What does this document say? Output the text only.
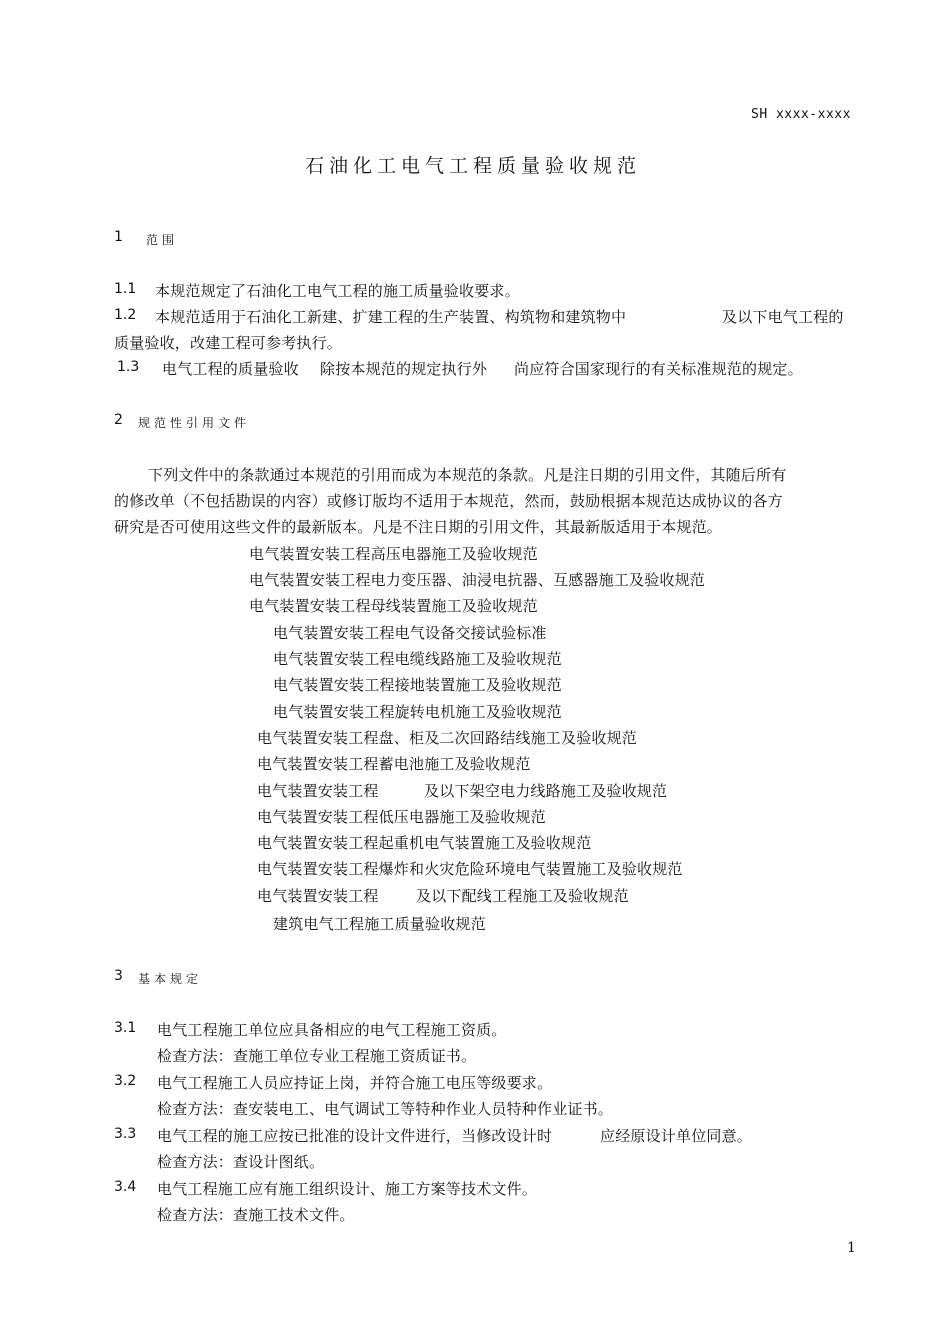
SH xxxx-xxxx
石油化工电气工程质量验收规范
1 范围
1.1 本规范规定了石油化工电气工程的施工质量验收要求。
1.2 本规范适用于石油化工新建、扩建工程的生产装置、构筑物和建筑物中	及以下电气工程的
质量验收，改建工程可参考执行。
1.3 电气工程的质量验收 除按本规范的规定执行外 尚应符合国家现行的有关标准规范的规定。
2 规范性引用文件
下列文件中的条款通过本规范的引用而成为本规范的条款。凡是注日期的引用文件，其随后所有
的修改单（不包括勘误的内容）或修订版均不适用于本规范，然而，鼓励根据本规范达成协议的各方
研究是否可使用这些文件的最新版本。凡是不注日期的引用文件，其最新版适用于本规范。
电气装置安装工程高压电器施工及验收规范
电气装置安装工程电力变压器、油浸电抗器、互感器施工及验收规范
电气装置安装工程母线装置施工及验收规范
电气装置安装工程电气设备交接试验标准
电气装置安装工程电缆线路施工及验收规范
电气装置安装工程接地装置施工及验收规范
电气装置安装工程旋转电机施工及验收规范
电气装置安装工程盘、柜及二次回路结线施工及验收规范
电气装置安装工程蓄电池施工及验收规范
电气装置安装工程	及以下架空电力线路施工及验收规范
电气装置安装工程低压电器施工及验收规范
电气装置安装工程起重机电气装置施工及验收规范
电气装置安装工程爆炸和火灾危险环境电气装置施工及验收规范
电气装置安装工程 及以下配线工程施工及验收规范
建筑电气工程施工质量验收规范
3 基本规定
3.1 电气工程施工单位应具备相应的电气工程施工资质。
检查方法：查施工单位专业工程施工资质证书。
3.2 电气工程施工人员应持证上岗，并符合施工电压等级要求。
检查方法：查安装电工、电气调试工等特种作业人员特种作业证书。
3.3 电气工程的施工应按已批准的设计文件进行，当修改设计时	应经原设计单位同意。
检查方法：查设计图纸。
3.4 电气工程施工应有施工组织设计、施工方案等技术文件。
检查方法：查施工技术文件。
1
